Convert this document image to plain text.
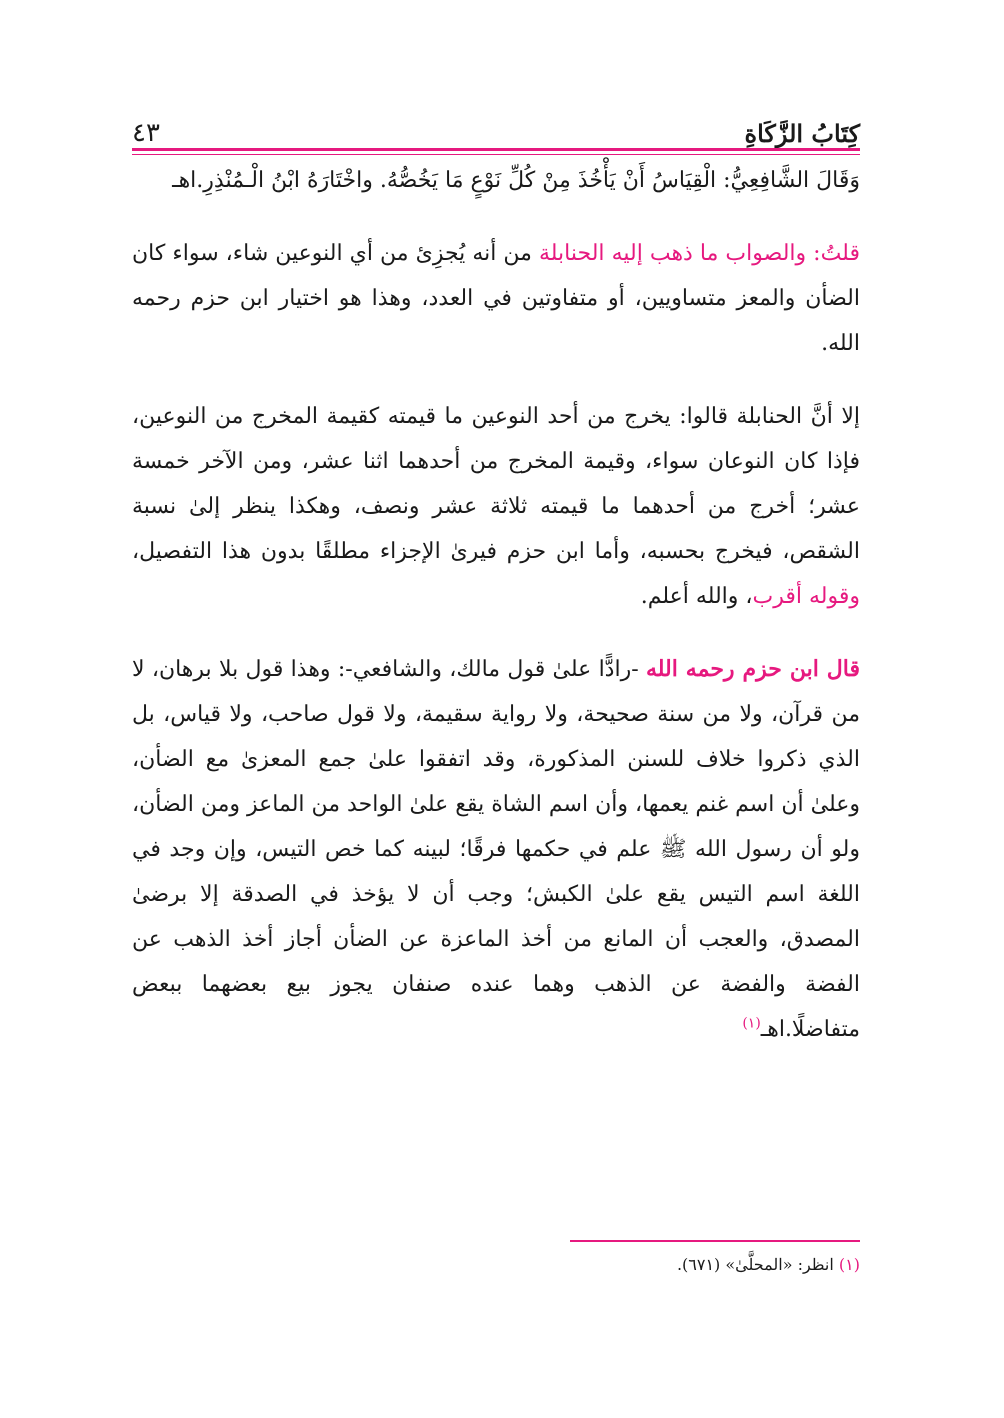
٤٣	كِتَابُ الزَّكَاةِ

وَقَالَ الشَّافِعِيُّ: الْقِيَاسُ أَنْ يَأْخُذَ مِنْ كُلِّ نَوْعٍ مَا يَخُصُّهُ. واخْتَارَهُ ابْنُ الْـمُنْذِرِ.اهـ

قلتُ: والصواب ما ذهب إليه الحنابلة من أنه يُجزِئ من أي النوعين شاء، سواء كان الضأن والمعز متساويين، أو متفاوتين في العدد، وهذا هو اختيار ابن حزم رحمه الله.

إلا أنَّ الحنابلة قالوا: يخرج من أحد النوعين ما قيمته كقيمة المخرج من النوعين، فإذا كان النوعان سواء، وقيمة المخرج من أحدهما اثنا عشر، ومن الآخر خمسة عشر؛ أخرج من أحدهما ما قيمته ثلاثة عشر ونصف، وهكذا ينظر إلىٰ نسبة الشقص، فيخرج بحسبه، وأما ابن حزم فيرىٰ الإجزاء مطلقًا بدون هذا التفصيل، وقوله أقرب، والله أعلم.

قال ابن حزم رحمه الله -رادًّا علىٰ قول مالك، والشافعي-: وهذا قول بلا برهان، لا من قرآن، ولا من سنة صحيحة، ولا رواية سقيمة، ولا قول صاحب، ولا قياس، بل الذي ذكروا خلاف للسنن المذكورة، وقد اتفقوا علىٰ جمع المعزىٰ مع الضأن، وعلىٰ أن اسم غنم يعمها، وأن اسم الشاة يقع علىٰ الواحد من الماعز ومن الضأن، ولو أن رسول الله ﷺ علم في حكمها فرقًا؛ لبينه كما خص التيس، وإن وجد في اللغة اسم التيس يقع علىٰ الكبش؛ وجب أن لا يؤخذ في الصدقة إلا برضىٰ المصدق، والعجب أن المانع من أخذ الماعزة عن الضأن أجاز أخذ الذهب عن الفضة والفضة عن الذهب وهما عنده صنفان يجوز بيع بعضهما ببعض متفاضلًا.اهـ$^{(١)}$

(١) انظر: «المحلَّىٰ» (٦٧١).
